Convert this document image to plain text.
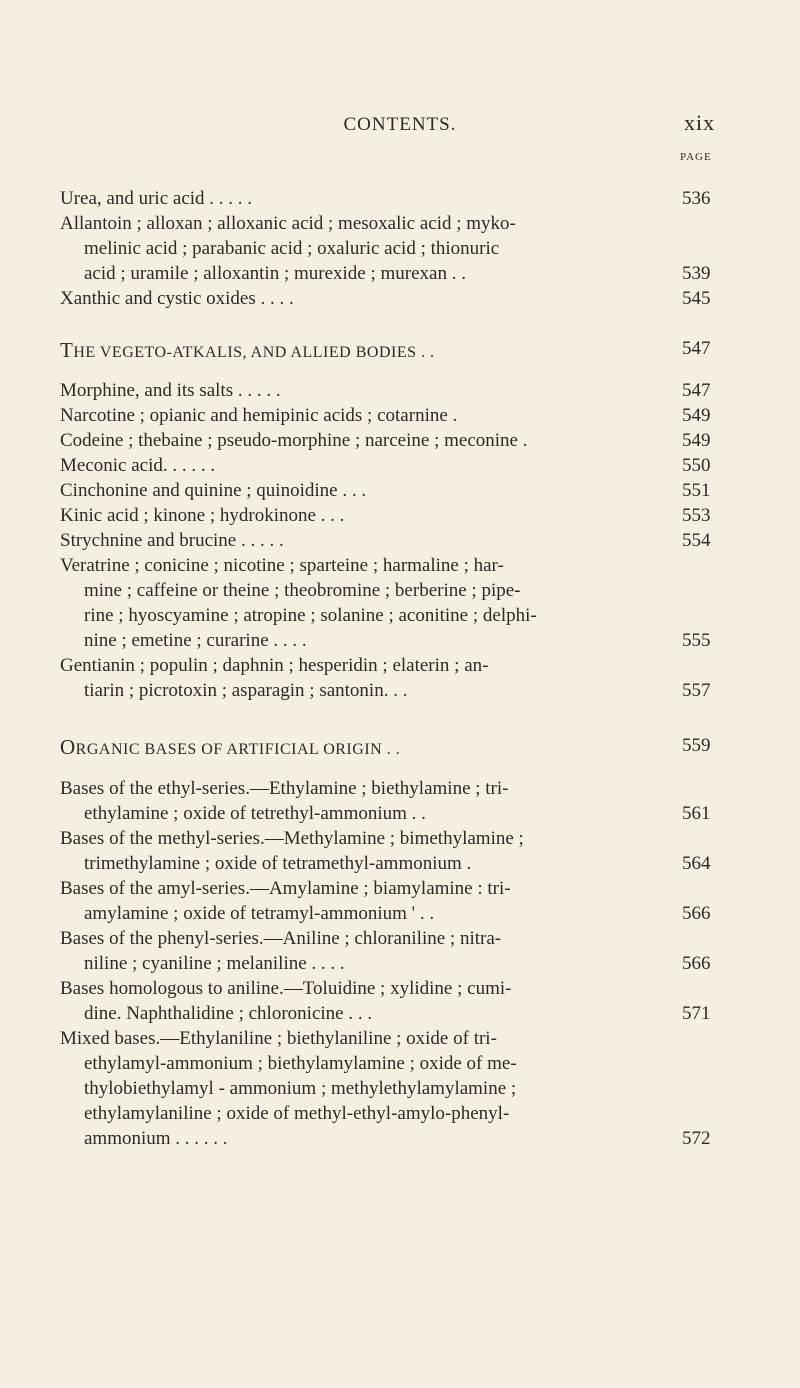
CONTENTS.	xix
PAGE
Urea, and uric acid . . . . .	536
Allantoin ; alloxan ; alloxanic acid ; mesoxalic acid ; myko-
melinic acid ; parabanic acid ; oxaluric acid ; thionuric
acid ; uramile ; alloxantin ; murexide ; murexan . .	539
Xanthic and cystic oxides . . . .	545
THE VEGETO-ATKALIS, AND ALLIED BODIES . .	547
Morphine, and its salts . . . . .	547
Narcotine ; opianic and hemipinic acids ; cotarnine .	549
Codeine ; thebaine ; pseudo-morphine ; narceine ; meconine .	549
Meconic acid. . . . . .	550
Cinchonine and quinine ; quinoidine . . .	551
Kinic acid ; kinone ; hydrokinone . . .	553
Strychnine and brucine . . . . .	554
Veratrine ; conicine ; nicotine ; sparteine ; harmaline ; har-
mine ; caffeine or theine ; theobromine ; berberine ; pipe-
rine ; hyoscyamine ; atropine ; solanine ; aconitine ; delphi-
nine ; emetine ; curarine . . . .	555
Gentianin ; populin ; daphnin ; hesperidin ; elaterin ; an-
tiarin ; picrotoxin ; asparagin ; santonin. . .	557
ORGANIC BASES OF ARTIFICIAL ORIGIN . .	559
Bases of the ethyl-series.—Ethylamine ; biethylamine ; tri-
ethylamine ; oxide of tetrethyl-ammonium . .	561
Bases of the methyl-series.—Methylamine ; bimethylamine ;
trimethylamine ; oxide of tetramethyl-ammonium .	564
Bases of the amyl-series.—Amylamine ; biamylamine : tri-
amylamine ; oxide of tetramyl-ammonium ' . .	566
Bases of the phenyl-series.—Aniline ; chloraniline ; nitra-
niline ; cyaniline ; melaniline . . . .	566
Bases homologous to aniline.—Toluidine ; xylidine ; cumi-
dine. Naphthalidine ; chloronicine . . .	571
Mixed bases.—Ethylaniline ; biethylaniline ; oxide of tri-
ethylamyl-ammonium ; biethylamylamine ; oxide of me-
thylobiethylamyl - ammonium ; methylethylamylamine ;
ethylamylaniline ; oxide of methyl-ethyl-amylo-phenyl-
ammonium . . . . . .	572
